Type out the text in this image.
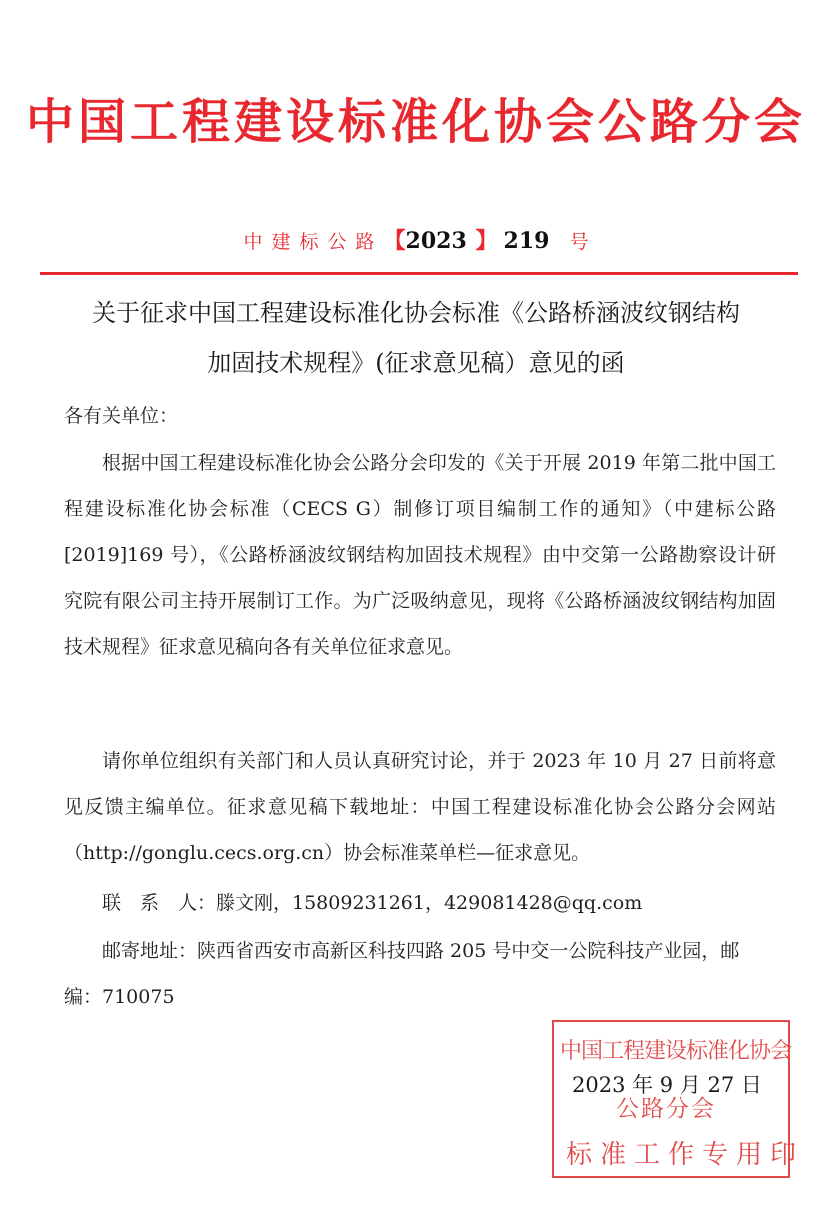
中国工程建设标准化协会公路分会
中建标公路【2023 】 219 号
关于征求中国工程建设标准化协会标准《公路桥涵波纹钢结构
加固技术规程》(征求意见稿）意见的函
各有关单位：
根据中国工程建设标准化协会公路分会印发的《关于开展 2019 年第二批中国工程建设标准化协会标准（CECS G）制修订项目编制工作的通知》（中建标公路[2019]169 号），《公路桥涵波纹钢结构加固技术规程》由中交第一公路勘察设计研究院有限公司主持开展制订工作。为广泛吸纳意见，现将《公路桥涵波纹钢结构加固技术规程》征求意见稿向各有关单位征求意见。
请你单位组织有关部门和人员认真研究讨论，并于 2023 年 10 月 27 日前将意见反馈主编单位。征求意见稿下载地址：中国工程建设标准化协会公路分会网站（http://gonglu.cecs.org.cn）协会标准菜单栏—征求意见。
联　系　人：滕文刚，15809231261，429081428@qq.com
邮寄地址：陕西省西安市高新区科技四路 205 号中交一公院科技产业园，邮编：710075
中国工程建设标准化协会
公路分会
标准工作专用印
2023 年 9 月 27 日
